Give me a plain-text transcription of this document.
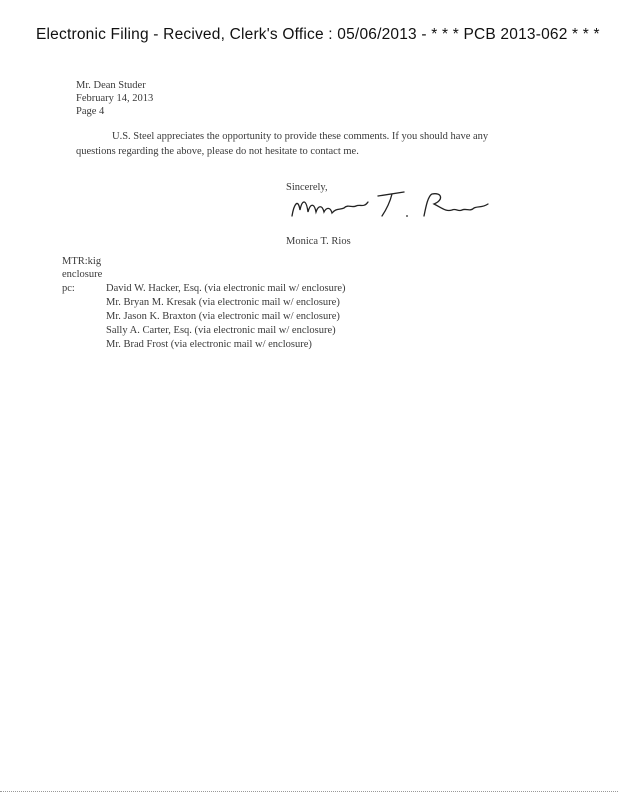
Electronic Filing - Recived, Clerk's Office : 05/06/2013 - * * * PCB 2013-062 * * *
Mr. Dean Studer
February 14, 2013
Page 4
U.S. Steel appreciates the opportunity to provide these comments. If you should have any questions regarding the above, please do not hesitate to contact me.
Sincerely,
Monica T. Rios
MTR:kig
enclosure
pc:	David W. Hacker, Esq. (via electronic mail w/ enclosure)
Mr. Bryan M. Kresak (via electronic mail w/ enclosure)
Mr. Jason K. Braxton (via electronic mail w/ enclosure)
Sally A. Carter, Esq. (via electronic mail w/ enclosure)
Mr. Brad Frost (via electronic mail w/ enclosure)
